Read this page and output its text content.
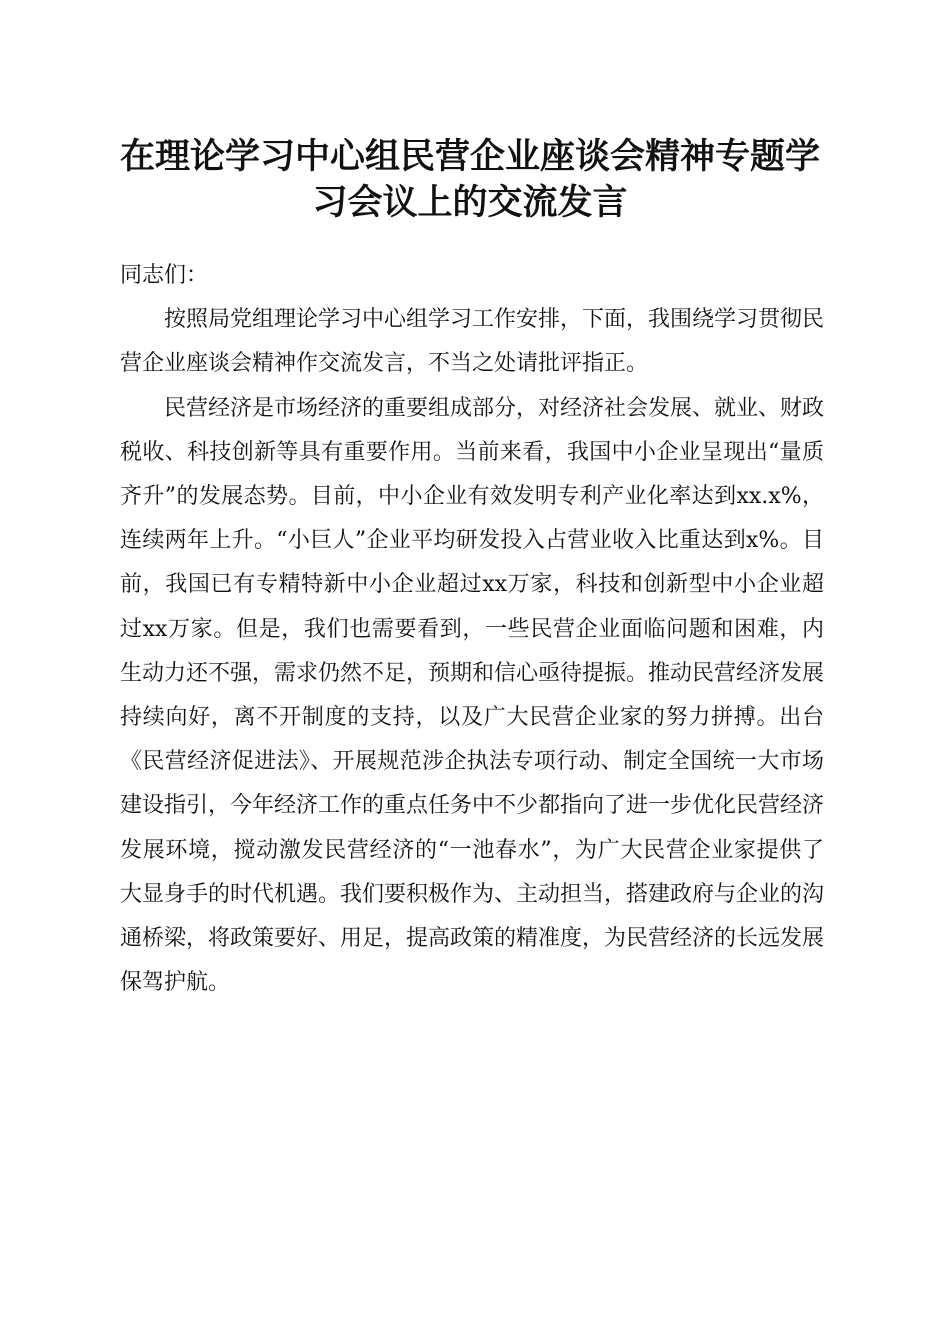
在理论学习中心组民营企业座谈会精神专题学
习会议上的交流发言

同志们：

按照局党组理论学习中心组学习工作安排，下面，我围绕学习贯彻民营企业座谈会精神作交流发言，不当之处请批评指正。

民营经济是市场经济的重要组成部分，对经济社会发展、就业、财政税收、科技创新等具有重要作用。当前来看，我国中小企业呈现出“量质齐升”的发展态势。目前，中小企业有效发明专利产业化率达到xx.x%，连续两年上升。“小巨人”企业平均研发投入占营业收入比重达到x%。目前，我国已有专精特新中小企业超过xx万家，科技和创新型中小企业超过xx万家。但是，我们也需要看到，一些民营企业面临问题和困难，内生动力还不强，需求仍然不足，预期和信心亟待提振。推动民营经济发展持续向好，离不开制度的支持，以及广大民营企业家的努力拼搏。出台《民营经济促进法》、开展规范涉企执法专项行动、制定全国统一大市场建设指引，今年经济工作的重点任务中不少都指向了进一步优化民营经济发展环境，搅动激发民营经济的“一池春水”，为广大民营企业家提供了大显身手的时代机遇。我们要积极作为、主动担当，搭建政府与企业的沟通桥梁，将政策要好、用足，提高政策的精准度，为民营经济的长远发展保驾护航。
